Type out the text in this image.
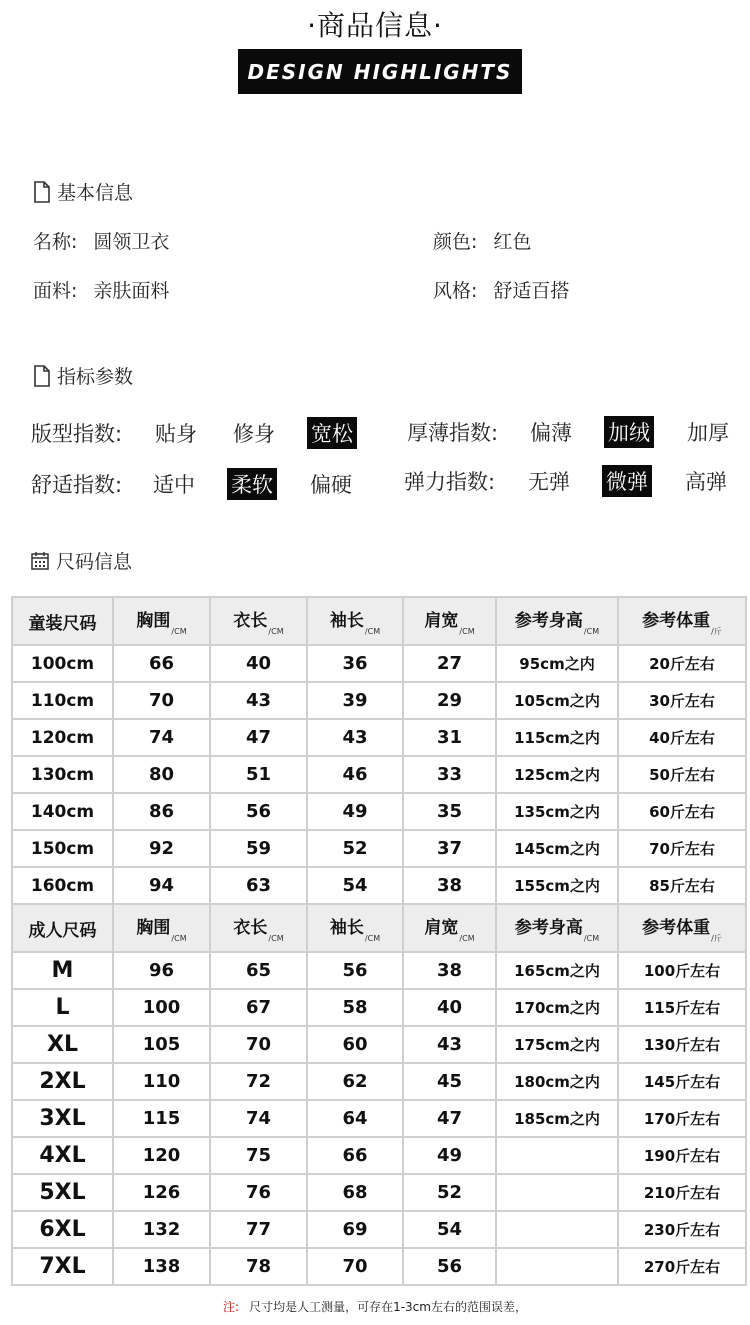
·商品信息·
DESIGN HIGHLIGHTS
基本信息
名称: 圆领卫衣	颜色: 红色
面料: 亲肤面料	风格: 舒适百搭
指标参数
版型指数: 贴身 修身 宽松	厚薄指数: 偏薄 加绒 加厚
舒适指数: 适中 柔软 偏硬 弹力指数: 无弹 微弹 高弹
尺码信息
童装尺码	胸围$_{/CM}$	衣长$_{/CM}$	袖长$_{/CM}$	肩宽$_{/CM}$	参考身高$_{/CM}$	参考体重$_{/斤}$
100cm	66	40	36	27	95cm之内	20斤左右
110cm	70	43	39	29	105cm之内	30斤左右
120cm	74	47	43	31	115cm之内	40斤左右
130cm	80	51	46	33	125cm之内	50斤左右
140cm	86	56	49	35	135cm之内	60斤左右
150cm	92	59	52	37	145cm之内	70斤左右
160cm	94	63	54	38	155cm之内	85斤左右
成人尺码	胸围$_{/CM}$	衣长$_{/CM}$	袖长$_{/CM}$	肩宽$_{/CM}$	参考身高$_{/CM}$	参考体重$_{/斤}$
M	96	65	56	38	165cm之内	100斤左右
L	100	67	58	40	170cm之内	115斤左右
XL	105	70	60	43	175cm之内	130斤左右
2XL	110	72	62	45	180cm之内	145斤左右
3XL	115	74	64	47	185cm之内	170斤左右
4XL	120	75	66	49		190斤左右
5XL	126	76	68	52		210斤左右
6XL	132	77	69	54		230斤左右
7XL	138	78	70	56		270斤左右
注: 尺寸均是人工测量，可存在1-3cm左右的范围误差，
